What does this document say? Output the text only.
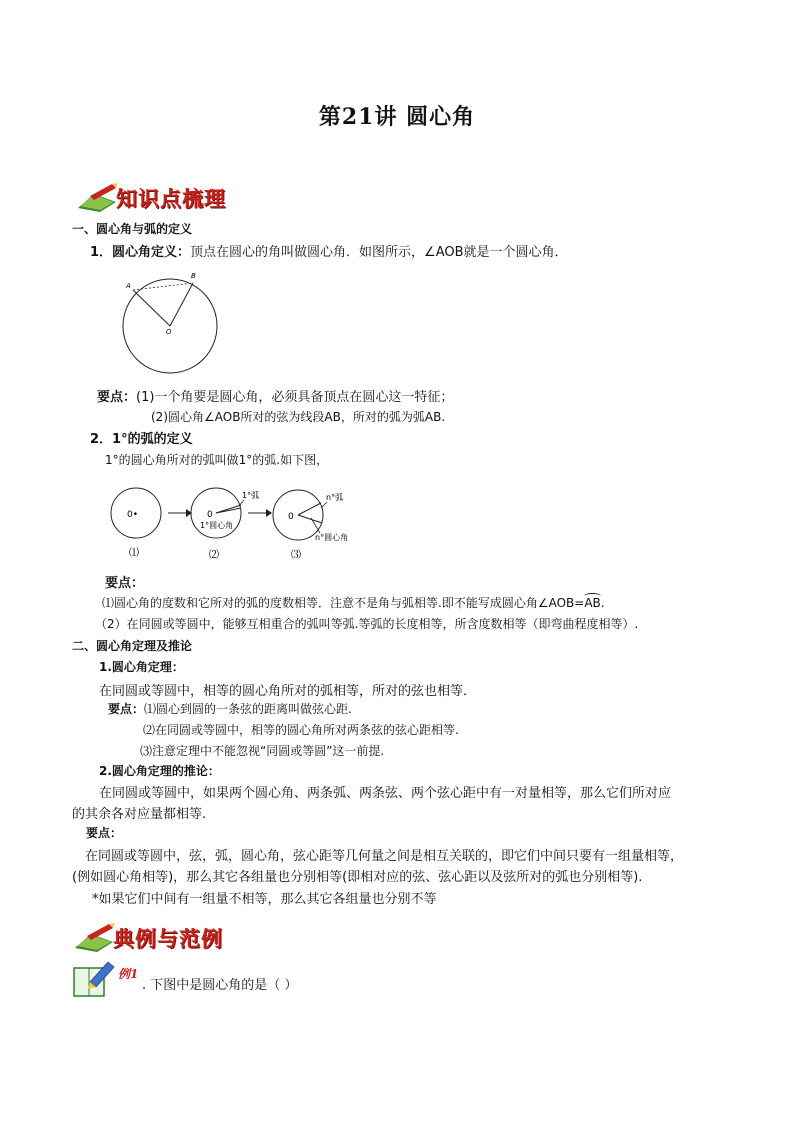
第21讲 圆心角
知识点梳理
一、圆心角与弧的定义
1．圆心角定义：顶点在圆心的角叫做圆心角．如图所示，∠AOB就是一个圆心角．
A
B
O
要点：(1)一个角要是圆心角，必须具备顶点在圆心这一特征；
(2)圆心角∠AOB所对的弦为线段AB，所对的弧为弧AB.
2．1°的弧的定义
1°的圆心角所对的弧叫做1°的弧.如下图，
0•	0
1°弧
1°圆心角
0
n°弧
n°圆心角
⑴	⑵	⑶
要点：
⑴圆心角的度数和它所对的弧的度数相等．注意不是角与弧相等.即不能写成圆心角∠AOB=
AB.
（2）在同圆或等圆中，能够互相重合的弧叫等弧.等弧的长度相等，所含度数相等（即弯曲程度相等）.
二、圆心角定理及推论
1.圆心角定理：
在同圆或等圆中，相等的圆心角所对的弧相等，所对的弦也相等．
要点：⑴圆心到圆的一条弦的距离叫做弦心距.
⑵在同圆或等圆中，相等的圆心角所对两条弦的弦心距相等.
⑶注意定理中不能忽视“同圆或等圆”这一前提.
2.圆心角定理的推论：
在同圆或等圆中，如果两个圆心角、两条弧、两条弦、两个弦心距中有一对量相等，那么它们所对应
的其余各对应量都相等.
要点：
在同圆或等圆中，弦，弧，圆心角，弦心距等几何量之间是相互关联的，即它们中间只要有一组量相等，
(例如圆心角相等)，那么其它各组量也分别相等(即相对应的弦、弦心距以及弦所对的弧也分别相等).
*如果它们中间有一组量不相等，那么其它各组量也分别不等
典例与范例
例1
. 下图中是圆心角的是（ ）
